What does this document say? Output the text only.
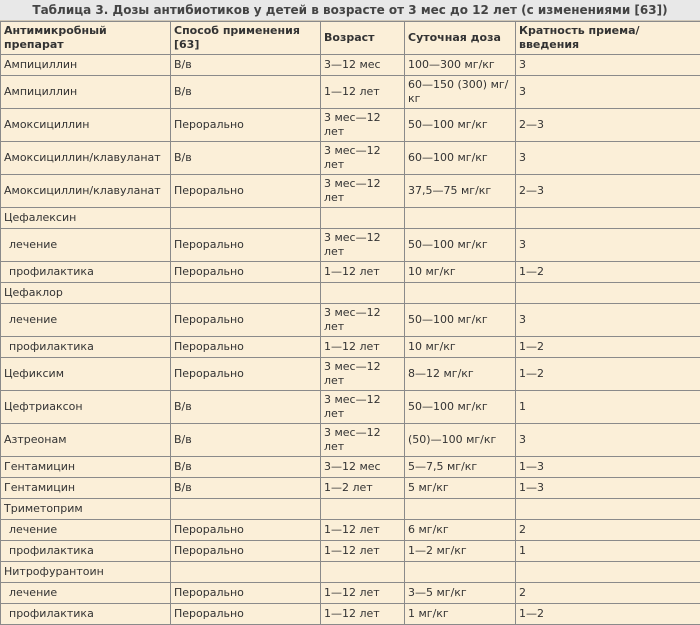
Таблица 3. Дозы антибиотиков у детей в возрасте от 3 мес до 12 лет (с изменениями [63])
Антимикробный препарат	Способ применения [63]	Возраст	Суточная доза	Кратность приема/введения
Ампициллин	В/в	3—12 мес	100—300 мг/кг	3
Ампициллин	В/в	1—12 лет	60—150 (300) мг/кг	3
Амоксициллин	Перорально	3 мес—12 лет	50—100 мг/кг	2—3
Амоксициллин/клавуланат	В/в	3 мес—12 лет	60—100 мг/кг	3
Амоксициллин/клавуланат	Перорально	3 мес—12 лет	37,5—75 мг/кг	2—3
Цефалексин				
лечение	Перорально	3 мес—12 лет	50—100 мг/кг	3
профилактика	Перорально	1—12 лет	10 мг/кг	1—2
Цефаклор				
лечение	Перорально	3 мес—12 лет	50—100 мг/кг	3
профилактика	Перорально	1—12 лет	10 мг/кг	1—2
Цефиксим	Перорально	3 мес—12 лет	8—12 мг/кг	1—2
Цефтриаксон	В/в	3 мес—12 лет	50—100 мг/кг	1
Азтреонам	В/в	3 мес—12 лет	(50)—100 мг/кг	3
Гентамицин	В/в	3—12 мес	5—7,5 мг/кг	1—3
Гентамицин	В/в	1—2 лет	5 мг/кг	1—3
Триметоприм				
лечение	Перорально	1—12 лет	6 мг/кг	2
профилактика	Перорально	1—12 лет	1—2 мг/кг	1
Нитрофурантоин				
лечение	Перорально	1—12 лет	3—5 мг/кг	2
профилактика	Перорально	1—12 лет	1 мг/кг	1—2
